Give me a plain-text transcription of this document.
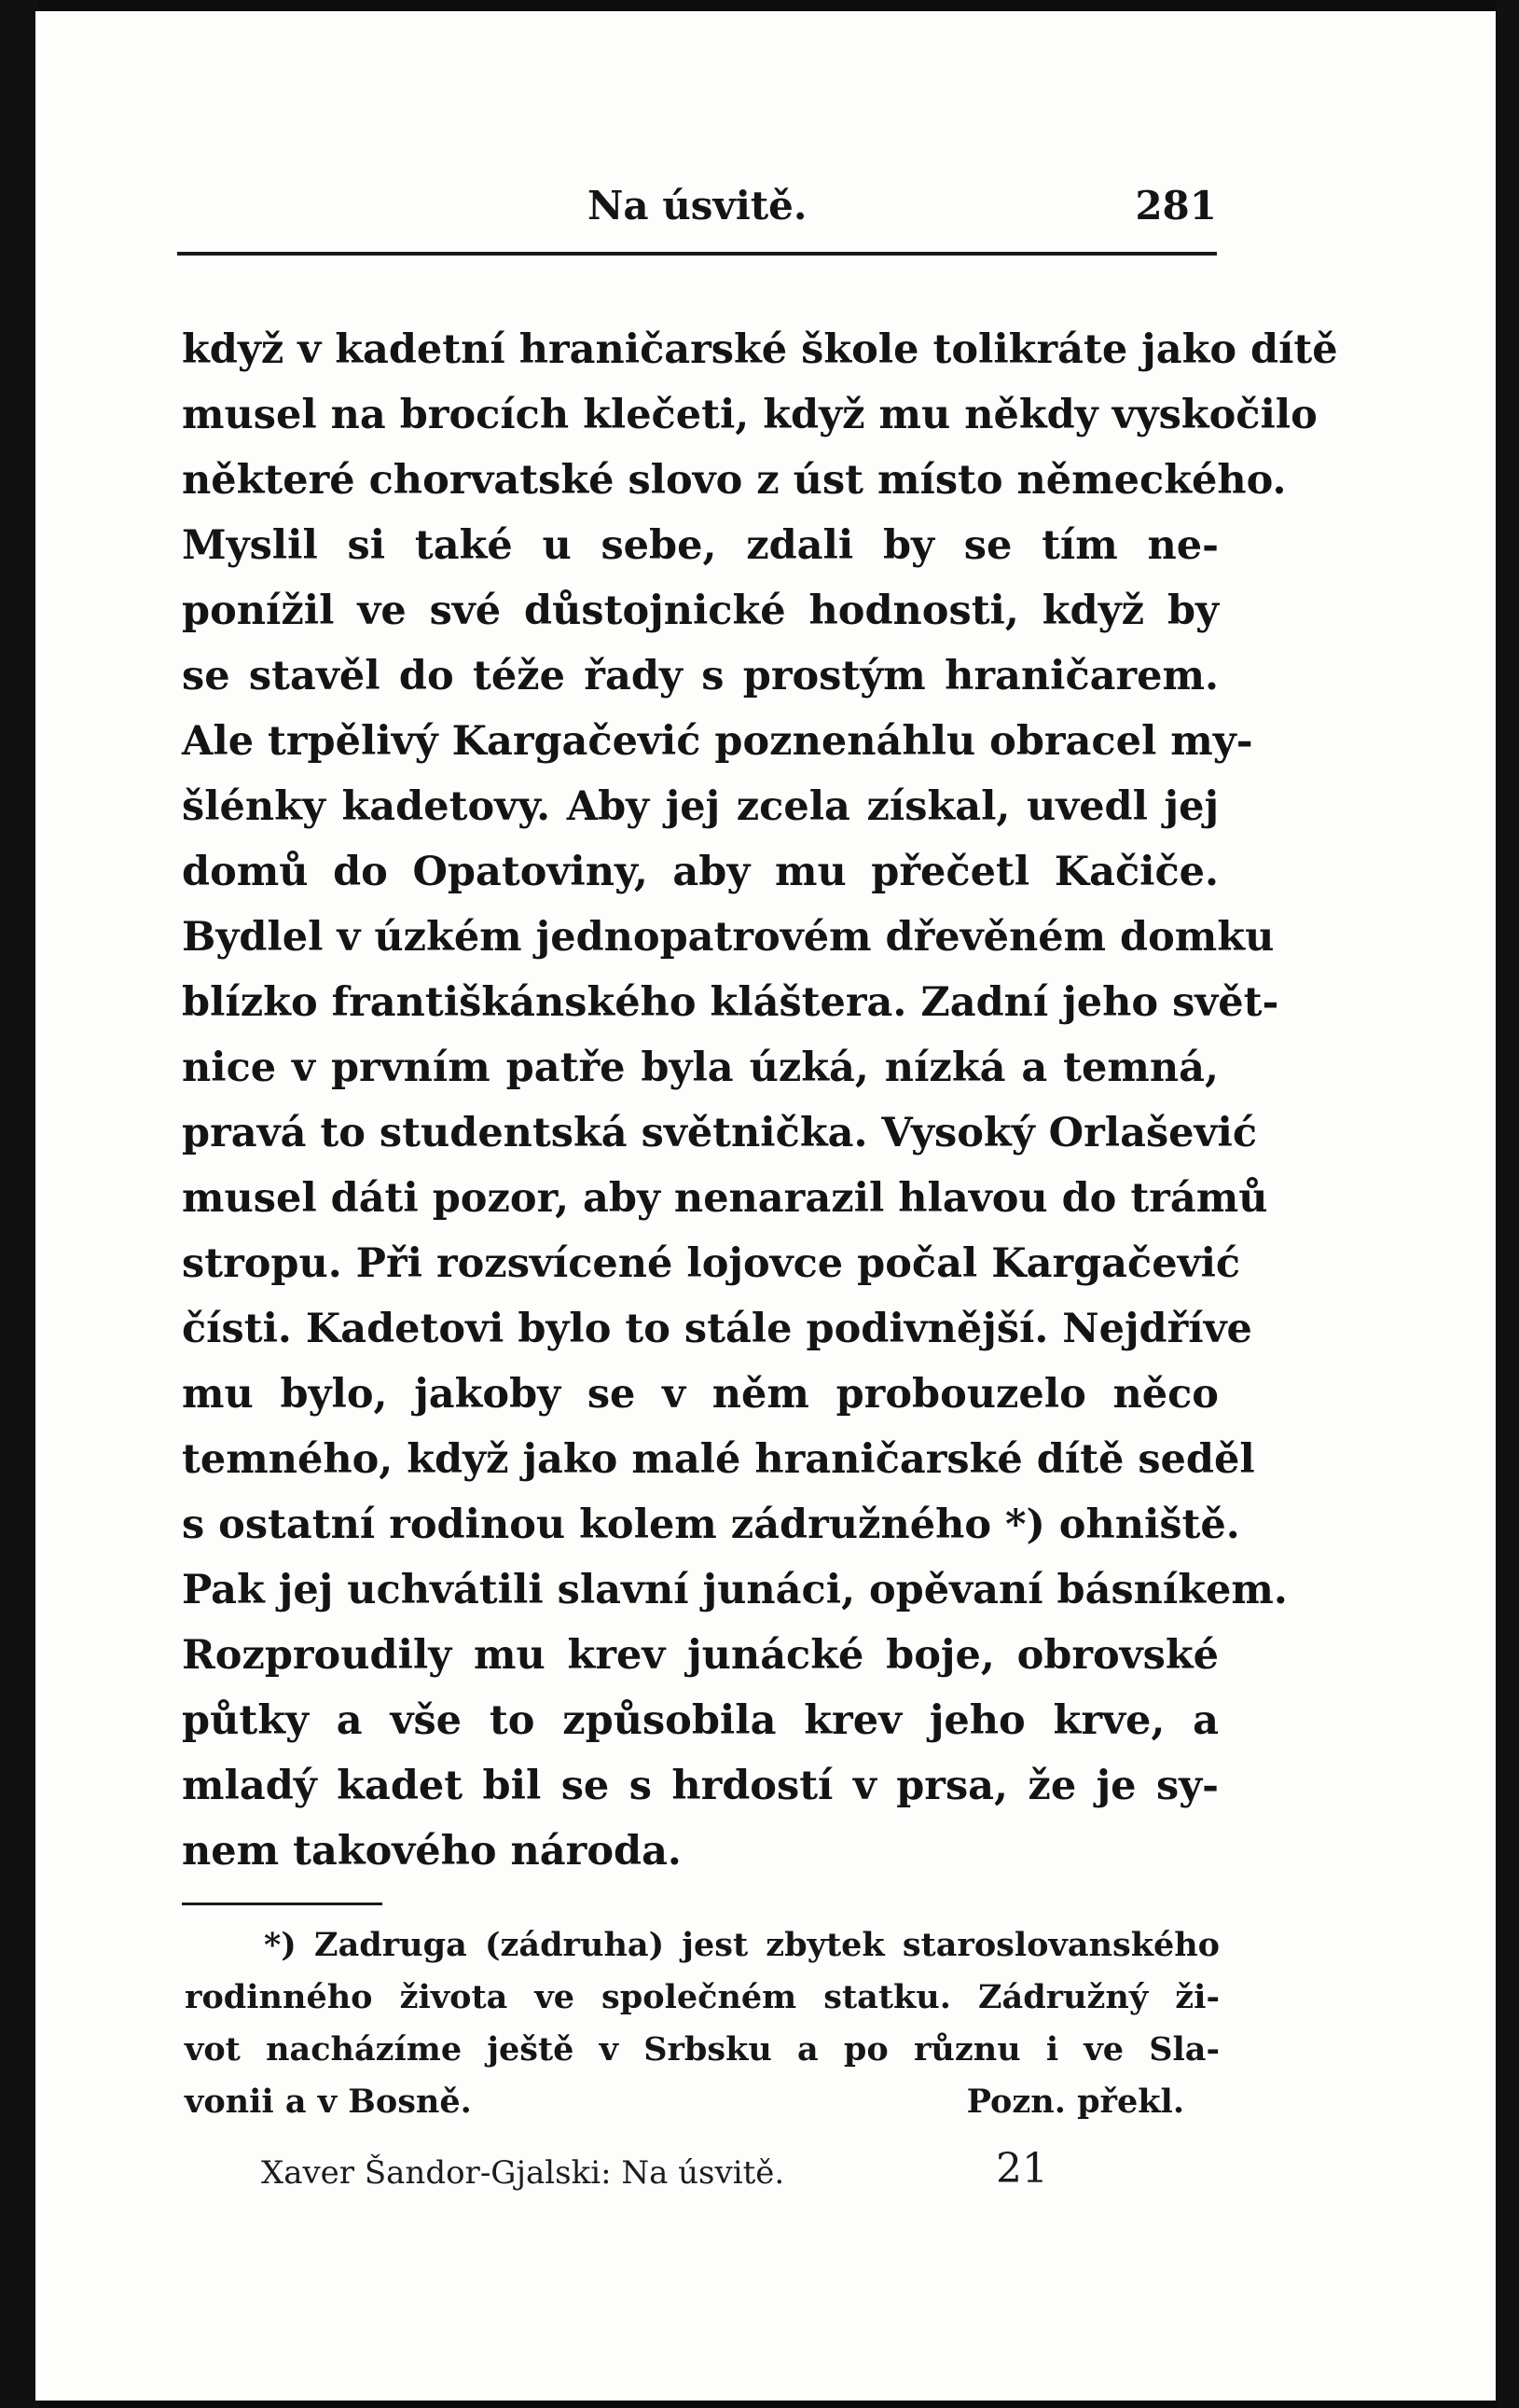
Na úsvitě.	281
když v kadetní hraničarské škole tolikráte jako dítě
musel na brocích klečeti, když mu někdy vyskočilo
některé chorvatské slovo z úst místo německého.
Myslil si také u sebe, zdali by se tím ne-
ponížil ve své důstojnické hodnosti, když by
se stavěl do téže řady s prostým hraničarem.
Ale trpělivý Kargačević poznenáhlu obracel my-
šlénky kadetovy. Aby jej zcela získal, uvedl jej
domů do Opatoviny, aby mu přečetl Kačiče.
Bydlel v úzkém jednopatrovém dřevěném domku
blízko františkánského kláštera. Zadní jeho svět-
nice v prvním patře byla úzká, nízká a temná,
pravá to studentská světnička. Vysoký Orlašević
musel dáti pozor, aby nenarazil hlavou do trámů
stropu. Při rozsvícené lojovce počal Kargačević
čísti. Kadetovi bylo to stále podivnější. Nejdříve
mu bylo, jakoby se v něm probouzelo něco
temného, když jako malé hraničarské dítě seděl
s ostatní rodinou kolem zádružného *) ohniště.
Pak jej uchvátili slavní junáci, opěvaní básníkem.
Rozproudily mu krev junácké boje, obrovské
půtky a vše to způsobila krev jeho krve, a
mladý kadet bil se s hrdostí v prsa, že je sy-
nem takového národa.
*) Zadruga (zádruha) jest zbytek staroslovanského
rodinného života ve společném statku. Zádružný ži-
vot nacházíme ještě v Srbsku a po různu i ve Sla-
vonii a v Bosně.	Pozn. překl.
Xaver Šandor-Gjalski: Na úsvitě.	21
